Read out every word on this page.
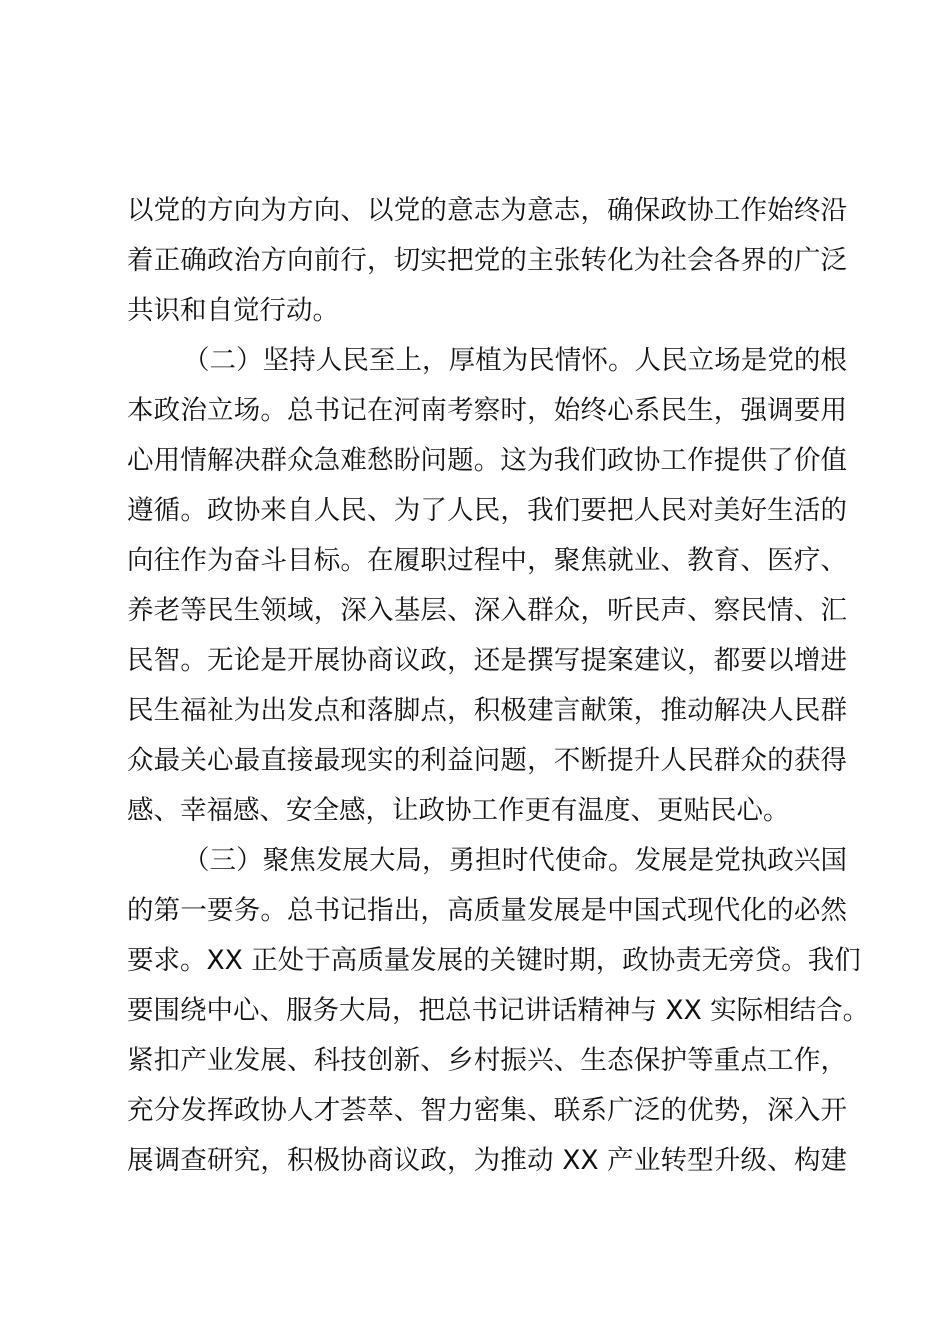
以党的方向为方向、以党的意志为意志，确保政协工作始终沿
着正确政治方向前行，切实把党的主张转化为社会各界的广泛
共识和自觉行动。
（二）坚持人民至上，厚植为民情怀。人民立场是党的根
本政治立场。总书记在河南考察时，始终心系民生，强调要用
心用情解决群众急难愁盼问题。这为我们政协工作提供了价值
遵循。政协来自人民、为了人民，我们要把人民对美好生活的
向往作为奋斗目标。在履职过程中，聚焦就业、教育、医疗、
养老等民生领域，深入基层、深入群众，听民声、察民情、汇
民智。无论是开展协商议政，还是撰写提案建议，都要以增进
民生福祉为出发点和落脚点，积极建言献策，推动解决人民群
众最关心最直接最现实的利益问题，不断提升人民群众的获得
感、幸福感、安全感，让政协工作更有温度、更贴民心。
（三）聚焦发展大局，勇担时代使命。发展是党执政兴国
的第一要务。总书记指出，高质量发展是中国式现代化的必然
要求。XX 正处于高质量发展的关键时期，政协责无旁贷。我们
要围绕中心、服务大局，把总书记讲话精神与 XX 实际相结合。
紧扣产业发展、科技创新、乡村振兴、生态保护等重点工作，
充分发挥政协人才荟萃、智力密集、联系广泛的优势，深入开
展调查研究，积极协商议政，为推动 XX 产业转型升级、构建
